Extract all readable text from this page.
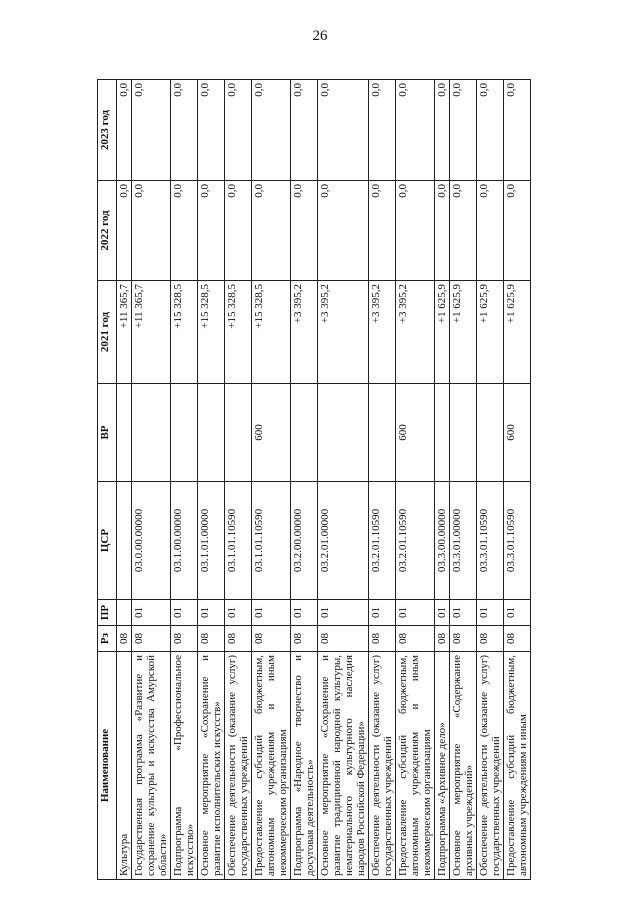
26
Наименование	Рз	ПР	ЦСР	ВР	2021 год	2022 год	2023 год
Культура	08				+11 365,7	0,0	0,0
Государственная программа «Развитие и сохранение культуры и искусства Амурской области»	08	01	03.0.00.00000		+11 365,7	0,0	0,0
Подпрограмма «Профессиональное искусство»	08	01	03.1.00.00000		+15 328,5	0,0	0,0
Основное мероприятие «Сохранение и развитие исполнительских искусств»	08	01	03.1.01.00000		+15 328,5	0,0	0,0
Обеспечение деятельности (оказание услуг) государственных учреждений	08	01	03.1.01.10590		+15 328,5	0,0	0,0
Предоставление субсидий бюджетным, автономным учреждениям и иным некоммерческим организациям	08	01	03.1.01.10590	600	+15 328,5	0,0	0,0
Подпрограмма «Народное творчество и досуговая деятельность»	08	01	03.2.00.00000		+3 395,2	0,0	0,0
Основное мероприятие «Сохранение и развитие традиционной народной культуры, нематериального культурного наследия народов Российской Федерации»	08	01	03.2.01.00000		+3 395,2	0,0	0,0
Обеспечение деятельности (оказание услуг) государственных учреждений	08	01	03.2.01.10590		+3 395,2	0,0	0,0
Предоставление субсидий бюджетным, автономным учреждениям и иным некоммерческим организациям	08	01	03.2.01.10590	600	+3 395,2	0,0	0,0
Подпрограмма «Архивное дело»	08	01	03.3.00.00000		+1 625,9	0,0	0,0
Основное мероприятие «Содержание архивных учреждений»	08	01	03.3.01.00000		+1 625,9	0,0	0,0
Обеспечение деятельности (оказание услуг) государственных учреждений	08	01	03.3.01.10590		+1 625,9	0,0	0,0
Предоставление субсидий бюджетным, автономным учреждениям и иным	08	01	03.3.01.10590	600	+1 625,9	0,0	0,0
